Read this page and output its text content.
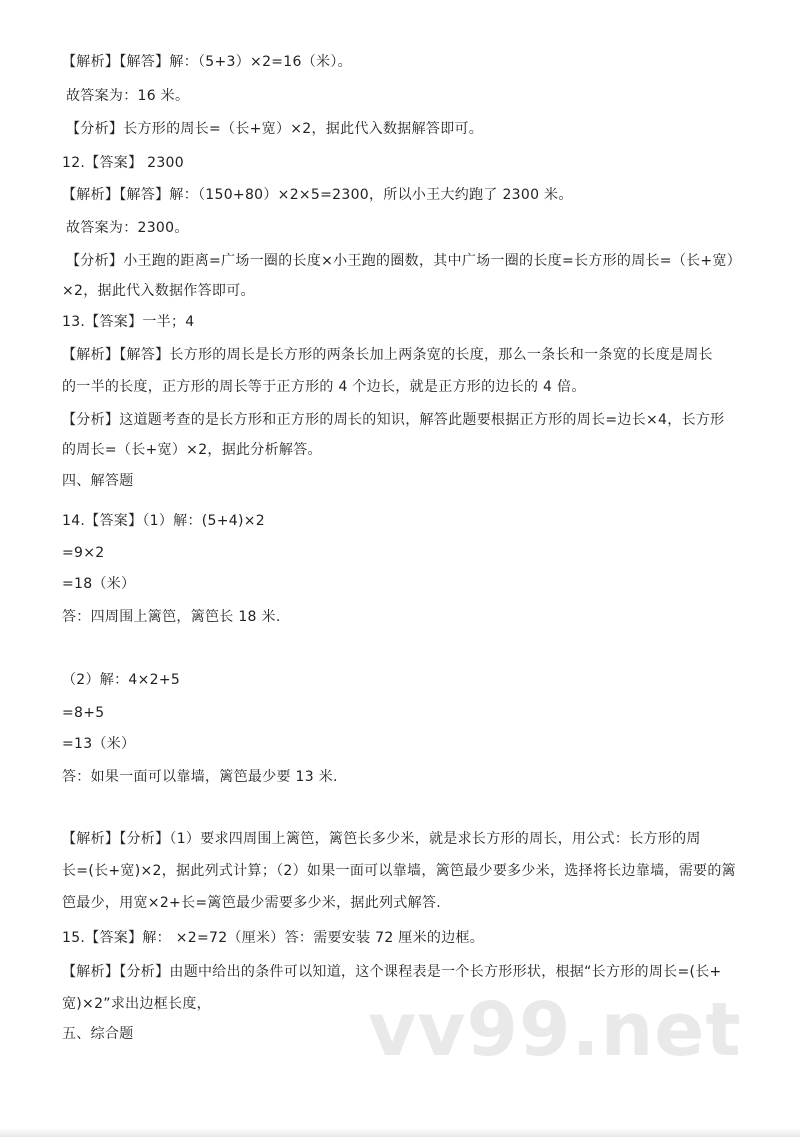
【解析】【解答】解：（5+3）×2=16（米）。
故答案为：16 米。
【分析】长方形的周长=（长+宽）×2，据此代入数据解答即可。
12.【答案】 2300
【解析】【解答】解：（150+80）×2×5=2300，所以小王大约跑了 2300 米。
故答案为：2300。
【分析】小王跑的距离=广场一圈的长度×小王跑的圈数，其中广场一圈的长度=长方形的周长=（长+宽）
×2，据此代入数据作答即可。
13.【答案】一半；4
【解析】【解答】长方形的周长是长方形的两条长加上两条宽的长度，那么一条长和一条宽的长度是周长
的一半的长度，正方形的周长等于正方形的 4 个边长，就是正方形的边长的 4 倍。
【分析】这道题考查的是长方形和正方形的周长的知识，解答此题要根据正方形的周长=边长×4，长方形
的周长=（长+宽）×2，据此分析解答。
四、解答题
14.【答案】（1）解：(5+4)×2
=9×2
=18（米）
答：四周围上篱笆，篱笆长 18 米.
（2）解：4×2+5
=8+5
=13（米）
答：如果一面可以靠墙，篱笆最少要 13 米.
【解析】【分析】（1）要求四周围上篱笆，篱笆长多少米，就是求长方形的周长，用公式：长方形的周
长=(长+宽)×2，据此列式计算；（2）如果一面可以靠墙，篱笆最少要多少米，选择将长边靠墙，需要的篱
笆最少，用宽×2+长=篱笆最少需要多少米，据此列式解答.
15.【答案】解： ×2=72（厘米）答：需要安装 72 厘米的边框。
【解析】【分析】由题中给出的条件可以知道，这个课程表是一个长方形形状，根据“长方形的周长=(长+
宽)×2”求出边框长度，
五、综合题	vv99.net
